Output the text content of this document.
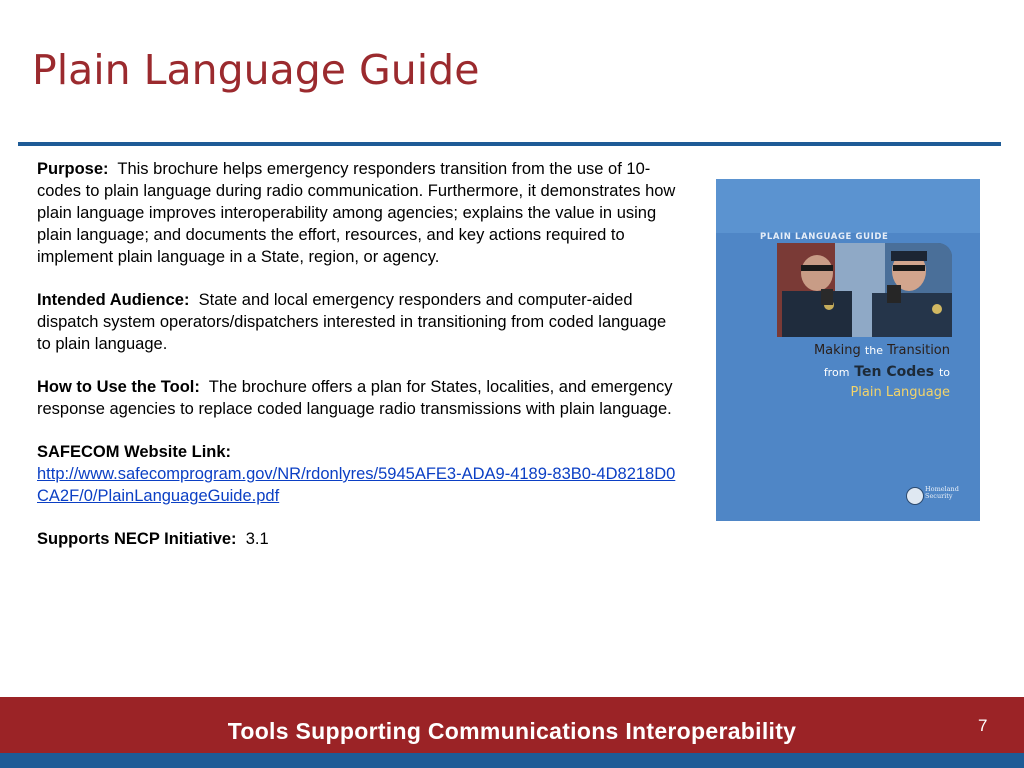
Plain Language Guide

Purpose: This brochure helps emergency responders transition from the use of 10-codes to plain language during radio communication. Furthermore, it demonstrates how plain language improves interoperability among agencies; explains the value in using plain language; and documents the effort, resources, and key actions required to implement plain language in a State, region, or agency.

Intended Audience: State and local emergency responders and computer-aided dispatch system operators/dispatchers interested in transitioning from coded language to plain language.

How to Use the Tool: The brochure offers a plan for States, localities, and emergency response agencies to replace coded language radio transmissions with plain language.

SAFECOM Website Link:
http://www.safecomprogram.gov/NR/rdonlyres/5945AFE3-ADA9-4189-83B0-4D8218D0CA2F/0/PlainLanguageGuide.pdf

Supports NECP Initiative: 3.1

PLAIN LANGUAGE GUIDE
Making the Transition
from Ten Codes to
Plain Language
Homeland Security
Tools Supporting Communications Interoperability	7
